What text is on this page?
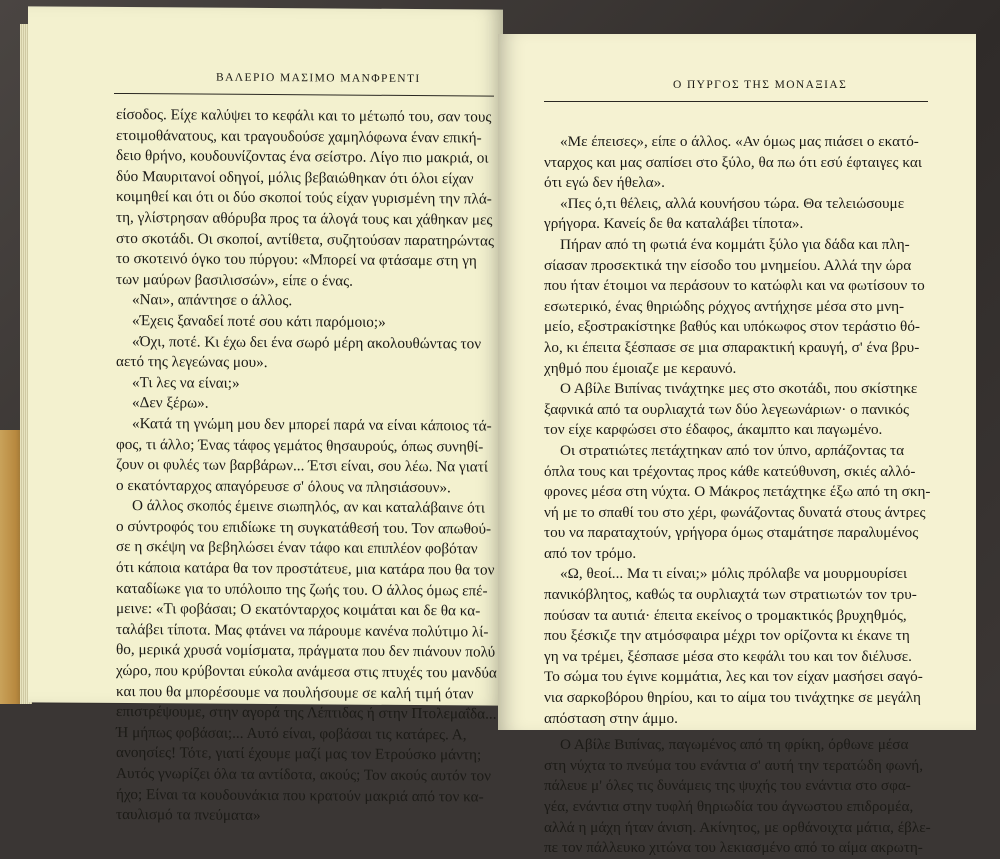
ΒΑΛΕΡΙΟ ΜΑΣΙΜΟ ΜΑΝΦΡΕΝΤΙ
είσοδος. Είχε καλύψει το κεφάλι και το μέτωπό του, σαν τους
ετοιμοθάνατους, και τραγουδούσε χαμηλόφωνα έναν επική-
δειο θρήνο, κουδουνίζοντας ένα σείστρο. Λίγο πιο μακριά, οι
δύο Μαυριτανοί οδηγοί, μόλις βεβαιώθηκαν ότι όλοι είχαν
κοιμηθεί και ότι οι δύο σκοποί τούς είχαν γυρισμένη την πλά-
τη, γλίστρησαν αθόρυβα προς τα άλογά τους και χάθηκαν μες
στο σκοτάδι. Οι σκοποί, αντίθετα, συζητούσαν παρατηρώντας
το σκοτεινό όγκο του πύργου: «Μπορεί να φτάσαμε στη γη
των μαύρων βασιλισσών», είπε ο ένας.
«Ναι», απάντησε ο άλλος.
«Έχεις ξαναδεί ποτέ σου κάτι παρόμοιο;»
«Όχι, ποτέ. Κι έχω δει ένα σωρό μέρη ακολουθώντας τον
αετό της λεγεώνας μου».
«Τι λες να είναι;»
«Δεν ξέρω».
«Κατά τη γνώμη μου δεν μπορεί παρά να είναι κάποιος τά-
φος, τι άλλο; Ένας τάφος γεμάτος θησαυρούς, όπως συνηθί-
ζουν οι φυλές των βαρβάρων... Έτσι είναι, σου λέω. Να γιατί
ο εκατόνταρχος απαγόρευσε σ' όλους να πλησιάσουν».
Ο άλλος σκοπός έμεινε σιωπηλός, αν και καταλάβαινε ότι
ο σύντροφός του επιδίωκε τη συγκατάθεσή του. Τον απωθού-
σε η σκέψη να βεβηλώσει έναν τάφο και επιπλέον φοβόταν
ότι κάποια κατάρα θα τον προστάτευε, μια κατάρα που θα τον
καταδίωκε για το υπόλοιπο της ζωής του. Ο άλλος όμως επέ-
μεινε: «Τι φοβάσαι; Ο εκατόνταρχος κοιμάται και δε θα κα-
ταλάβει τίποτα. Μας φτάνει να πάρουμε κανένα πολύτιμο λί-
θο, μερικά χρυσά νομίσματα, πράγματα που δεν πιάνουν πολύ
χώρο, που κρύβονται εύκολα ανάμεσα στις πτυχές του μανδύα
και που θα μπορέσουμε να πουλήσουμε σε καλή τιμή όταν
επιστρέψουμε, στην αγορά της Λέπτιδας ή στην Πτολεμαΐδα...
Ή μήπως φοβάσαι;... Αυτό είναι, φοβάσαι τις κατάρες. Α,
ανοησίες! Τότε, γιατί έχουμε μαζί μας τον Ετρούσκο μάντη;
Αυτός γνωρίζει όλα τα αντίδοτα, ακούς; Τον ακούς αυτόν τον
ήχο; Είναι τα κουδουνάκια που κρατούν μακριά από τον κα-
ταυλισμό τα πνεύματα»
Ο ΠΥΡΓΟΣ ΤΗΣ ΜΟΝΑΞΙΑΣ
«Με έπεισες», είπε ο άλλος. «Αν όμως μας πιάσει ο εκατό-
νταρχος και μας σαπίσει στο ξύλο, θα πω ότι εσύ έφταιγες και
ότι εγώ δεν ήθελα».
«Πες ό,τι θέλεις, αλλά κουνήσου τώρα. Θα τελειώσουμε
γρήγορα. Κανείς δε θα καταλάβει τίποτα».
Πήραν από τη φωτιά ένα κομμάτι ξύλο για δάδα και πλη-
σίασαν προσεκτικά την είσοδο του μνημείου. Αλλά την ώρα
που ήταν έτοιμοι να περάσουν το κατώφλι και να φωτίσουν το
εσωτερικό, ένας θηριώδης ρόχγος αντήχησε μέσα στο μνη-
μείο, εξοστρακίστηκε βαθύς και υπόκωφος στον τεράστιο θό-
λο, κι έπειτα ξέσπασε σε μια σπαρακτική κραυγή, σ' ένα βρυ-
χηθμό που έμοιαζε με κεραυνό.
Ο Αβίλε Βιπίνας τινάχτηκε μες στο σκοτάδι, που σκίστηκε
ξαφνικά από τα ουρλιαχτά των δύο λεγεωνάριων· ο πανικός
τον είχε καρφώσει στο έδαφος, άκαμπτο και παγωμένο.
Οι στρατιώτες πετάχτηκαν από τον ύπνο, αρπάζοντας τα
όπλα τους και τρέχοντας προς κάθε κατεύθυνση, σκιές αλλό-
φρονες μέσα στη νύχτα. Ο Μάκρος πετάχτηκε έξω από τη σκη-
νή με το σπαθί του στο χέρι, φωνάζοντας δυνατά στους άντρες
του να παραταχτούν, γρήγορα όμως σταμάτησε παραλυμένος
από τον τρόμο.
«Ω, θεοί... Μα τι είναι;» μόλις πρόλαβε να μουρμουρίσει
πανικόβλητος, καθώς τα ουρλιαχτά των στρατιωτών τον τρυ-
πούσαν τα αυτιά· έπειτα εκείνος ο τρομακτικός βρυχηθμός,
που ξέσκιζε την ατμόσφαιρα μέχρι τον ορίζοντα κι έκανε τη
γη να τρέμει, ξέσπασε μέσα στο κεφάλι του και τον διέλυσε.
Το σώμα του έγινε κομμάτια, λες και τον είχαν μασήσει σαγό-
νια σαρκοβόρου θηρίου, και το αίμα του τινάχτηκε σε μεγάλη
απόσταση στην άμμο.
Ο Αβίλε Βιπίνας, παγωμένος από τη φρίκη, όρθωνε μέσα
στη νύχτα το πνεύμα του ενάντια σ' αυτή την τερατώδη φωνή,
πάλευε μ' όλες τις δυνάμεις της ψυχής του ενάντια στο σφα-
γέα, ενάντια στην τυφλή θηριωδία του άγνωστου επιδρομέα,
αλλά η μάχη ήταν άνιση. Ακίνητος, με ορθάνοιχτα μάτια, έβλε-
πε τον πάλλευκο χιτώνα του λεκιασμένο από το αίμα ακρωτη-
